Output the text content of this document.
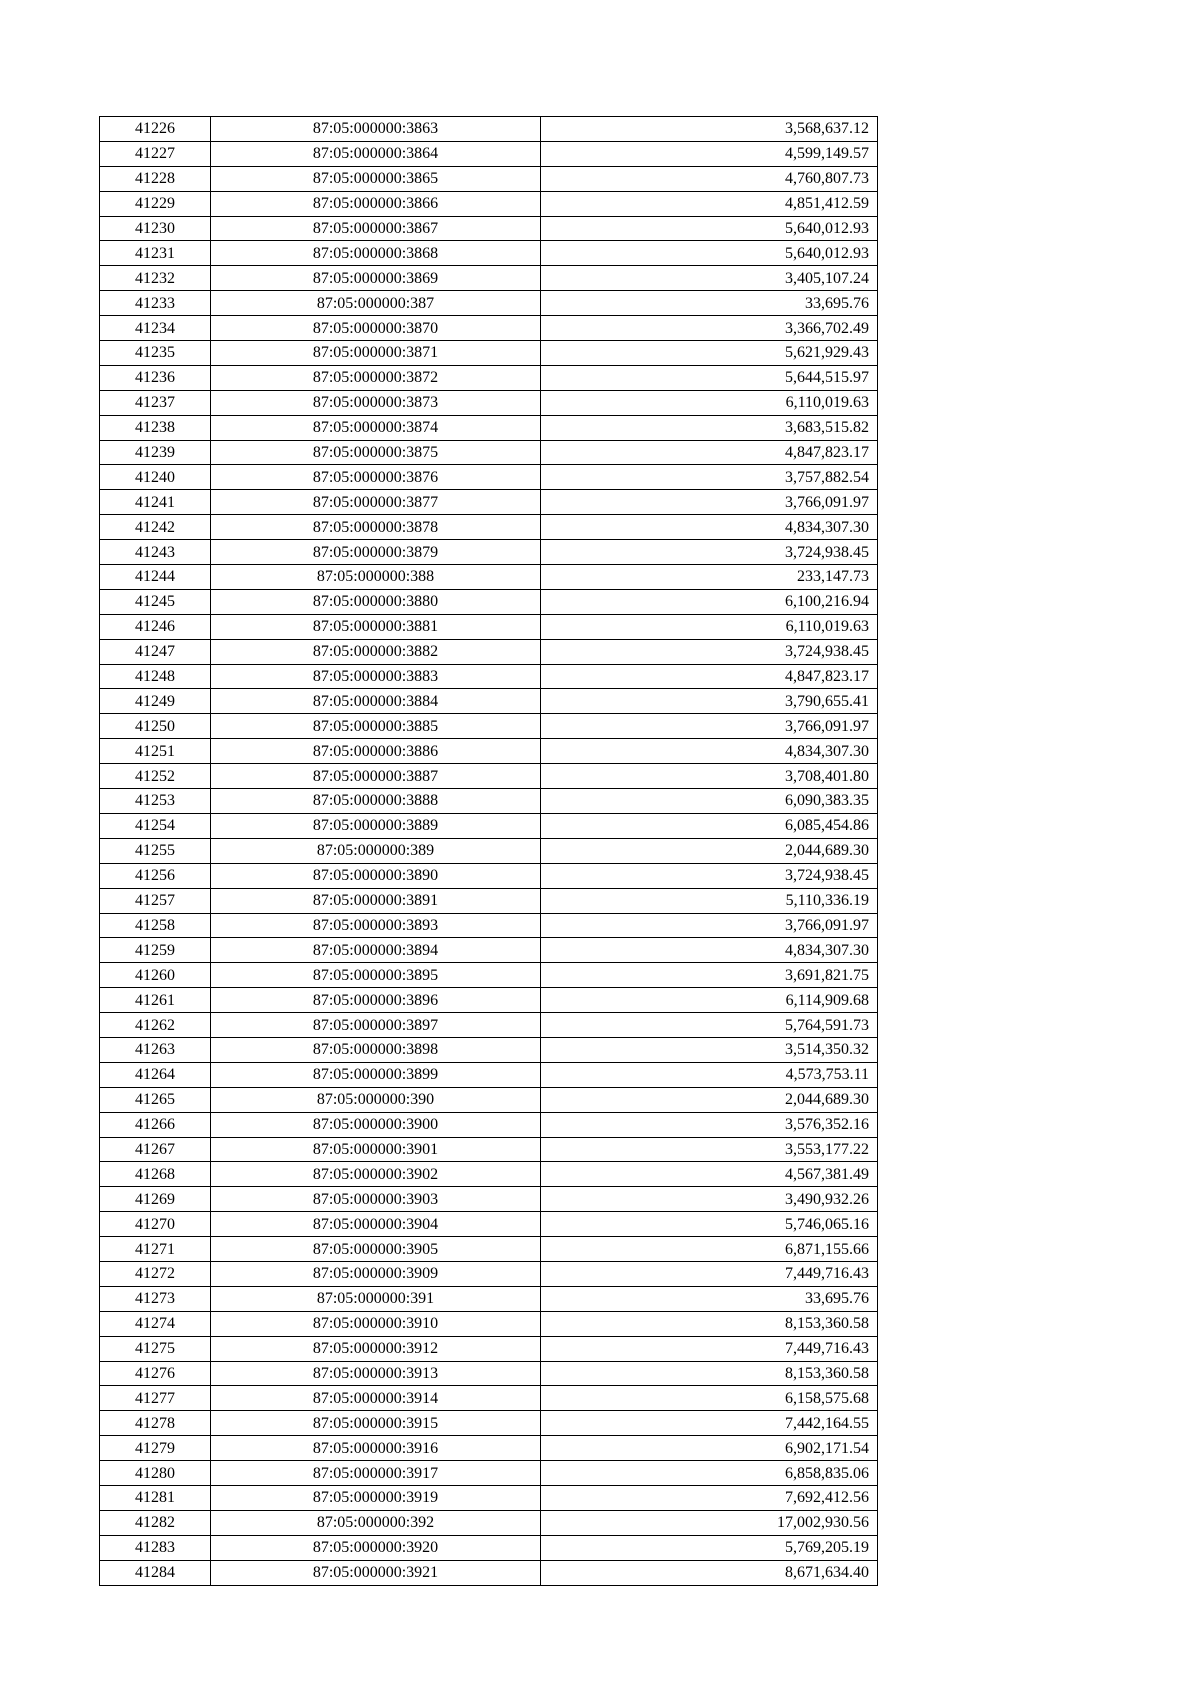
41226	87:05:000000:3863	3,568,637.12
41227	87:05:000000:3864	4,599,149.57
41228	87:05:000000:3865	4,760,807.73
41229	87:05:000000:3866	4,851,412.59
41230	87:05:000000:3867	5,640,012.93
41231	87:05:000000:3868	5,640,012.93
41232	87:05:000000:3869	3,405,107.24
41233	87:05:000000:387	33,695.76
41234	87:05:000000:3870	3,366,702.49
41235	87:05:000000:3871	5,621,929.43
41236	87:05:000000:3872	5,644,515.97
41237	87:05:000000:3873	6,110,019.63
41238	87:05:000000:3874	3,683,515.82
41239	87:05:000000:3875	4,847,823.17
41240	87:05:000000:3876	3,757,882.54
41241	87:05:000000:3877	3,766,091.97
41242	87:05:000000:3878	4,834,307.30
41243	87:05:000000:3879	3,724,938.45
41244	87:05:000000:388	233,147.73
41245	87:05:000000:3880	6,100,216.94
41246	87:05:000000:3881	6,110,019.63
41247	87:05:000000:3882	3,724,938.45
41248	87:05:000000:3883	4,847,823.17
41249	87:05:000000:3884	3,790,655.41
41250	87:05:000000:3885	3,766,091.97
41251	87:05:000000:3886	4,834,307.30
41252	87:05:000000:3887	3,708,401.80
41253	87:05:000000:3888	6,090,383.35
41254	87:05:000000:3889	6,085,454.86
41255	87:05:000000:389	2,044,689.30
41256	87:05:000000:3890	3,724,938.45
41257	87:05:000000:3891	5,110,336.19
41258	87:05:000000:3893	3,766,091.97
41259	87:05:000000:3894	4,834,307.30
41260	87:05:000000:3895	3,691,821.75
41261	87:05:000000:3896	6,114,909.68
41262	87:05:000000:3897	5,764,591.73
41263	87:05:000000:3898	3,514,350.32
41264	87:05:000000:3899	4,573,753.11
41265	87:05:000000:390	2,044,689.30
41266	87:05:000000:3900	3,576,352.16
41267	87:05:000000:3901	3,553,177.22
41268	87:05:000000:3902	4,567,381.49
41269	87:05:000000:3903	3,490,932.26
41270	87:05:000000:3904	5,746,065.16
41271	87:05:000000:3905	6,871,155.66
41272	87:05:000000:3909	7,449,716.43
41273	87:05:000000:391	33,695.76
41274	87:05:000000:3910	8,153,360.58
41275	87:05:000000:3912	7,449,716.43
41276	87:05:000000:3913	8,153,360.58
41277	87:05:000000:3914	6,158,575.68
41278	87:05:000000:3915	7,442,164.55
41279	87:05:000000:3916	6,902,171.54
41280	87:05:000000:3917	6,858,835.06
41281	87:05:000000:3919	7,692,412.56
41282	87:05:000000:392	17,002,930.56
41283	87:05:000000:3920	5,769,205.19
41284	87:05:000000:3921	8,671,634.40
